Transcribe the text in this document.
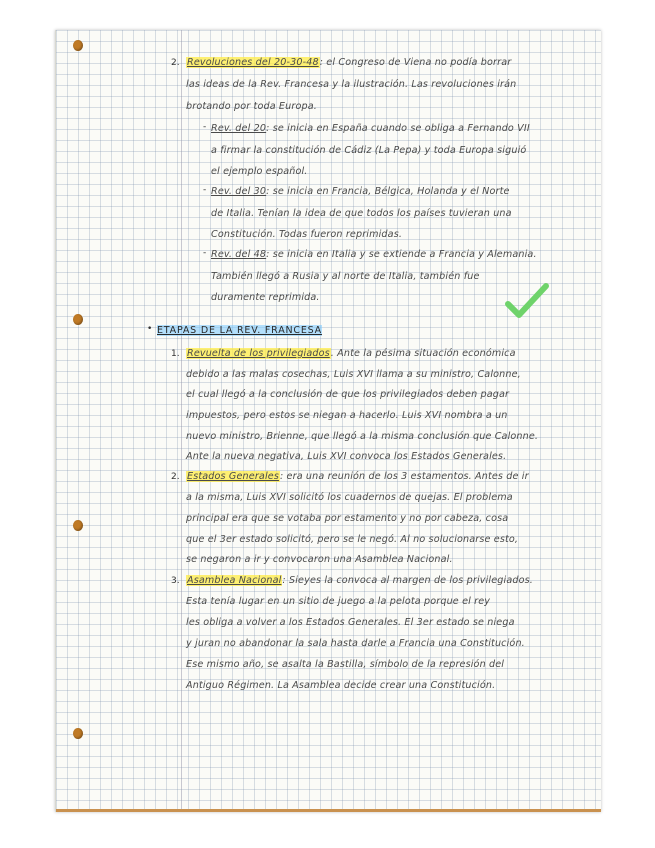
2. Revoluciones del 20-30-48: el Congreso de Viena no podía borrar
las ideas de la Rev. Francesa y la ilustración. Las revoluciones irán
brotando por toda Europa.
- Rev. del 20: se inicia en España cuando se obliga a Fernando VII
a firmar la constitución de Cádiz (La Pepa) y toda Europa siguió
el ejemplo español.
- Rev. del 30: se inicia en Francia, Bélgica, Holanda y el Norte
de Italia. Tenían la idea de que todos los países tuvieran una
Constitución. Todas fueron reprimidas.
- Rev. del 48: se inicia en Italia y se extiende a Francia y Alemania.
También llegó a Rusia y al norte de Italia, también fue
duramente reprimida.
• ETAPAS DE LA REV. FRANCESA
1. Revuelta de los privilegiados. Ante la pésima situación económica
debido a las malas cosechas, Luis XVI llama a su ministro, Calonne,
el cual llegó a la conclusión de que los privilegiados deben pagar
impuestos, pero estos se niegan a hacerlo. Luis XVI nombra a un
nuevo ministro, Brienne, que llegó a la misma conclusión que Calonne.
Ante la nueva negativa, Luis XVI convoca los Estados Generales.
2. Estados Generales: era una reunión de los 3 estamentos. Antes de ir
a la misma, Luis XVI solicitó los cuadernos de quejas. El problema
principal era que se votaba por estamento y no por cabeza, cosa
que el 3er estado solicitó, pero se le negó. Al no solucionarse esto,
se negaron a ir y convocaron una Asamblea Nacional.
3. Asamblea Nacional: Sieyes la convoca al margen de los privilegiados.
Esta tenía lugar en un sitio de juego a la pelota porque el rey
les obliga a volver a los Estados Generales. El 3er estado se niega
y juran no abandonar la sala hasta darle a Francia una Constitución.
Ese mismo año, se asalta la Bastilla, símbolo de la represión del
Antiguo Régimen. La Asamblea decide crear una Constitución.
